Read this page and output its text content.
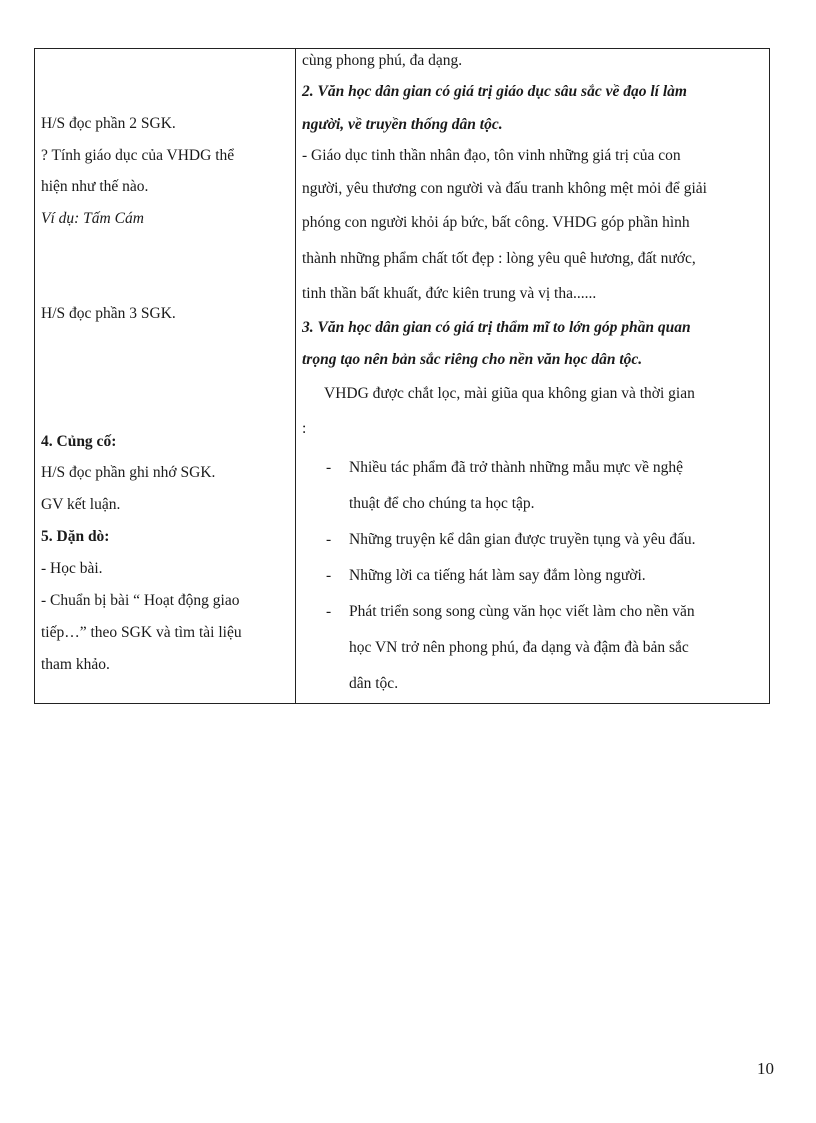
H/S đọc phần 2 SGK.
? Tính giáo dục của VHDG thể
hiện như thế nào.
Ví dụ: Tấm Cám
H/S đọc phần 3 SGK.
4. Củng cố:
H/S đọc phần ghi nhớ SGK.
GV kết luận.
5. Dặn dò:
- Học bài.
- Chuẩn bị bài “ Hoạt động giao
tiếp…” theo SGK và tìm tài liệu
tham khảo.
cùng phong phú, đa dạng.
2. Văn học dân gian có giá trị giáo dục sâu sắc về đạo lí làm
người, về truyền thống dân tộc.
- Giáo dục tinh thần nhân đạo, tôn vinh những giá trị của con
người, yêu thương con người và đấu tranh không mệt mỏi để giải
phóng con người khỏi áp bức, bất công. VHDG góp phần hình
thành những phẩm chất tốt đẹp : lòng yêu quê hương, đất nước,
tinh thần bất khuất, đức kiên trung và vị tha......
3. Văn học dân gian có giá trị thẩm mĩ to lớn góp phần quan
trọng tạo nên bản sắc riêng cho nền văn học dân tộc.
VHDG được chắt lọc, mài giũa qua không gian và thời gian
:
- Nhiều tác phẩm đã trở thành những mẫu mực về nghệ
thuật để cho chúng ta học tập.
- Những truyện kể dân gian được truyền tụng và yêu đấu.
- Những lời ca tiếng hát làm say đắm lòng người.
- Phát triển song song cùng văn học viết làm cho nền văn
học VN trở nên phong phú, đa dạng và đậm đà bản sắc
dân tộc.
10
